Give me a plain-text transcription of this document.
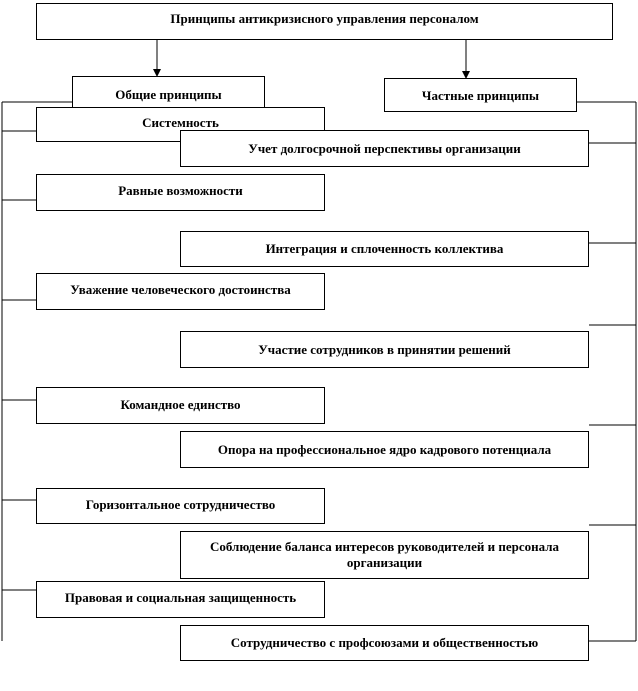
Принципы антикризисного управления персоналом
Общие принципы	Частные принципы
Системность
Равные возможности
Уважение человеческого достоинства
Командное единство
Горизонтальное сотрудничество
Правовая и социальная защищенность
Учет долгосрочной перспективы организации
Интеграция и сплоченность коллектива
Участие сотрудников в принятии решений
Опора на профессиональное ядро кадрового потенциала
Соблюдение баланса интересов руководителей и персонала организации
Сотрудничество с профсоюзами и общественностью
